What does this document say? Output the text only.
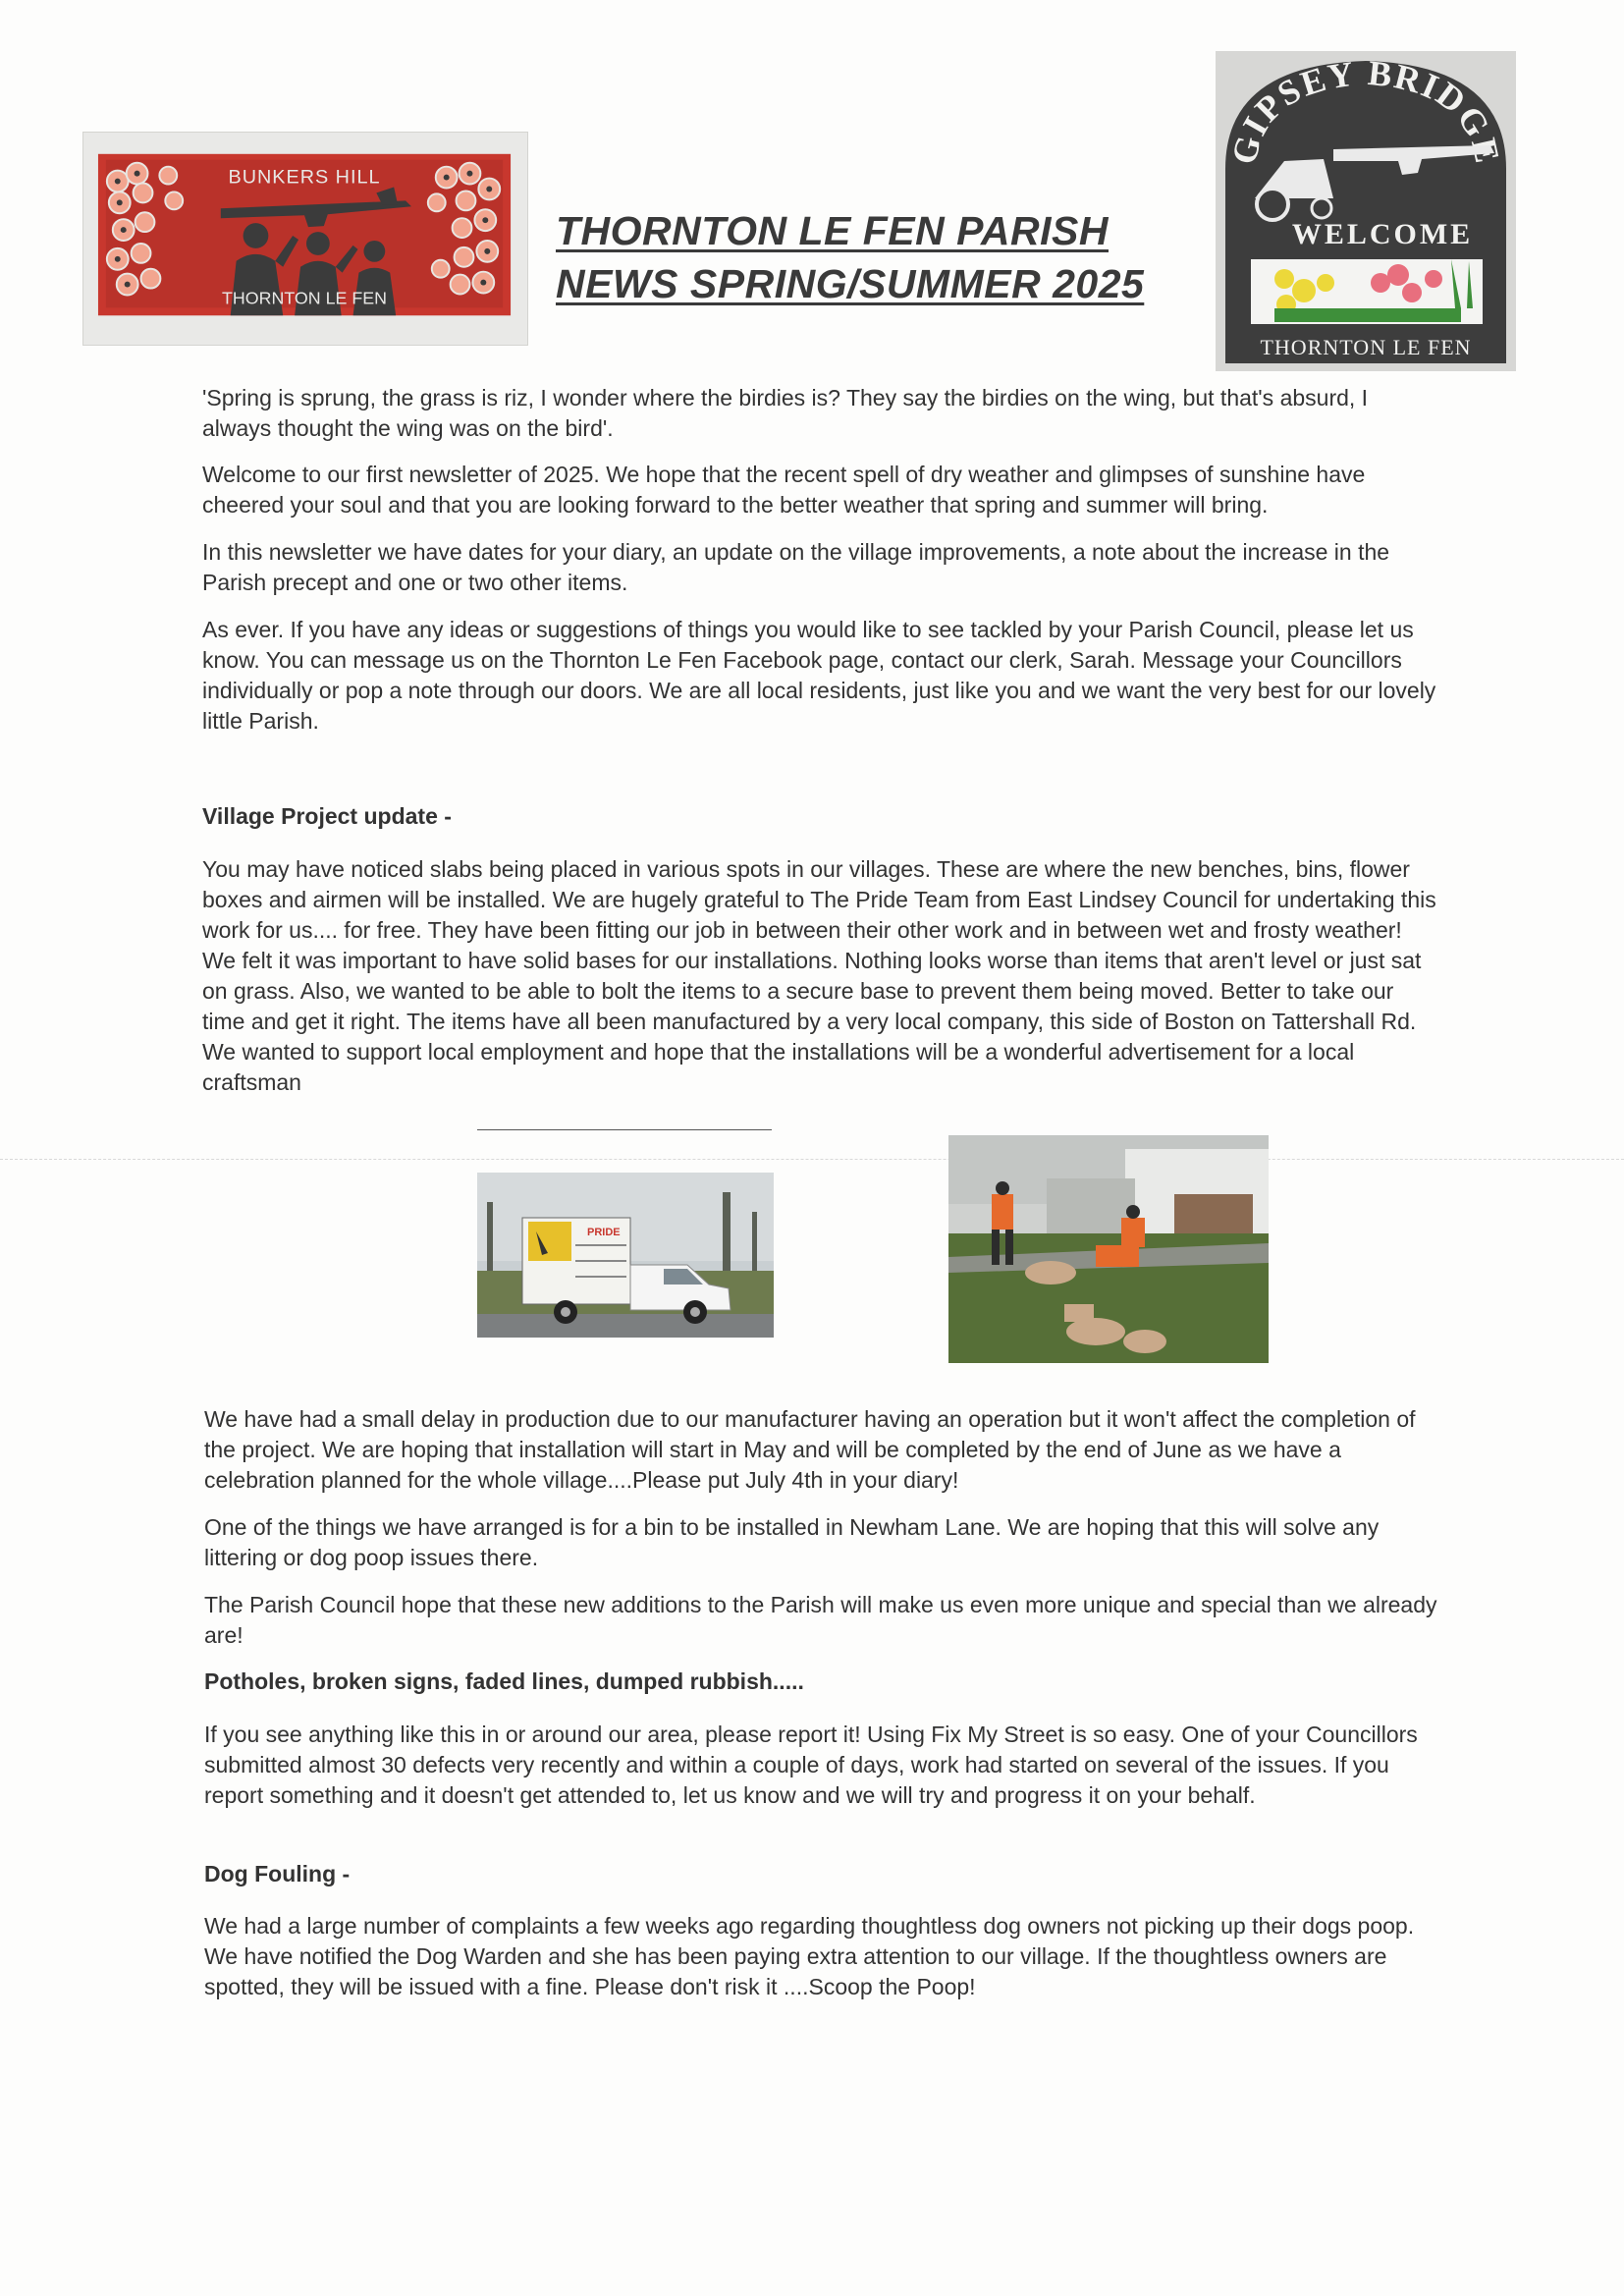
BUNKERS HILL
THORNTON LE FEN
THORNTON LE FEN PARISH
NEWS SPRING/SUMMER 2025
GIPSEY BRIDG
WELCOME
THORNTON LE FEN

'Spring is sprung, the grass is riz, I wonder where the birdies is? They say the birdies on the wing, but that's absurd, I always thought the wing was on the bird'.

Welcome to our first newsletter of 2025. We hope that the recent spell of dry weather and glimpses of sunshine have cheered your soul and that you are looking forward to the better weather that spring and summer will bring.

In this newsletter we have dates for your diary, an update on the village improvements, a note about the increase in the Parish precept and one or two other items.

As ever. If you have any ideas or suggestions of things you would like to see tackled by your Parish Council, please let us know. You can message us on the Thornton Le Fen Facebook page, contact our clerk, Sarah. Message your Councillors individually or pop a note through our doors. We are all local residents, just like you and we want the very best for our lovely little Parish.

Village Project update -

You may have noticed slabs being placed in various spots in our villages. These are where the new benches, bins, flower boxes and airmen will be installed. We are hugely grateful to The Pride Team from East Lindsey Council for undertaking this work for us.... for free. They have been fitting our job in between their other work and in between wet and frosty weather! We felt it was important to have solid bases for our installations. Nothing looks worse than items that aren't level or just sat on grass. Also, we wanted to be able to bolt the items to a secure base to prevent them being moved. Better to take our time and get it right. The items have all been manufactured by a very local company, this side of Boston on Tattershall Rd. We wanted to support local employment and hope that the installations will be a wonderful advertisement for a local craftsman

PRIDE

We have had a small delay in production due to our manufacturer having an operation but it won't affect the completion of the project. We are hoping that installation will start in May and will be completed by the end of June as we have a celebration planned for the whole village....Please put July 4th in your diary!

One of the things we have arranged is for a bin to be installed in Newham Lane. We are hoping that this will solve any littering or dog poop issues there.

The Parish Council hope that these new additions to the Parish will make us even more unique and special than we already are!

Potholes, broken signs, faded lines, dumped rubbish.....

If you see anything like this in or around our area, please report it! Using Fix My Street is so easy. One of your Councillors submitted almost 30 defects very recently and within a couple of days, work had started on several of the issues. If you report something and it doesn't get attended to, let us know and we will try and progress it on your behalf.

Dog Fouling -

We had a large number of complaints a few weeks ago regarding thoughtless dog owners not picking up their dogs poop. We have notified the Dog Warden and she has been paying extra attention to our village. If the thoughtless owners are spotted, they will be issued with a fine. Please don't risk it ....Scoop the Poop!
